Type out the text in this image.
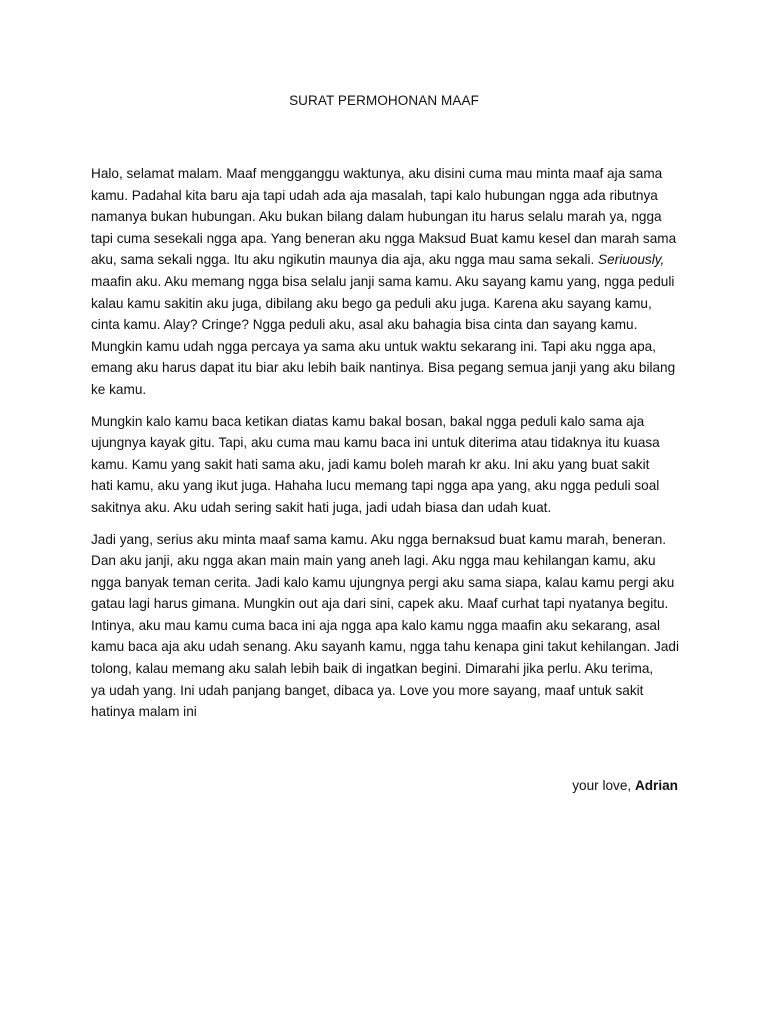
SURAT PERMOHONAN MAAF

Halo, selamat malam. Maaf mengganggu waktunya, aku disini cuma mau minta maaf aja sama
kamu. Padahal kita baru aja tapi udah ada aja masalah, tapi kalo hubungan ngga ada ributnya
namanya bukan hubungan. Aku bukan bilang dalam hubungan itu harus selalu marah ya, ngga
tapi cuma sesekali ngga apa. Yang beneran aku ngga Maksud Buat kamu kesel dan marah sama
aku, sama sekali ngga. Itu aku ngikutin maunya dia aja, aku ngga mau sama sekali. Seriuously,
maafin aku. Aku memang ngga bisa selalu janji sama kamu. Aku sayang kamu yang, ngga peduli
kalau kamu sakitin aku juga, dibilang aku bego ga peduli aku juga. Karena aku sayang kamu,
cinta kamu. Alay? Cringe? Ngga peduli aku, asal aku bahagia bisa cinta dan sayang kamu.
Mungkin kamu udah ngga percaya ya sama aku untuk waktu sekarang ini. Tapi aku ngga apa,
emang aku harus dapat itu biar aku lebih baik nantinya. Bisa pegang semua janji yang aku bilang
ke kamu.

Mungkin kalo kamu baca ketikan diatas kamu bakal bosan, bakal ngga peduli kalo sama aja
ujungnya kayak gitu. Tapi, aku cuma mau kamu baca ini untuk diterima atau tidaknya itu kuasa
kamu. Kamu yang sakit hati sama aku, jadi kamu boleh marah kr aku. Ini aku yang buat sakit
hati kamu, aku yang ikut juga. Hahaha lucu memang tapi ngga apa yang, aku ngga peduli soal
sakitnya aku. Aku udah sering sakit hati juga, jadi udah biasa dan udah kuat.

Jadi yang, serius aku minta maaf sama kamu. Aku ngga bernaksud buat kamu marah, beneran.
Dan aku janji, aku ngga akan main main yang aneh lagi. Aku ngga mau kehilangan kamu, aku
ngga banyak teman cerita. Jadi kalo kamu ujungnya pergi aku sama siapa, kalau kamu pergi aku
gatau lagi harus gimana. Mungkin out aja dari sini, capek aku. Maaf curhat tapi nyatanya begitu.
Intinya, aku mau kamu cuma baca ini aja ngga apa kalo kamu ngga maafin aku sekarang, asal
kamu baca aja aku udah senang. Aku sayanh kamu, ngga tahu kenapa gini takut kehilangan. Jadi
tolong, kalau memang aku salah lebih baik di ingatkan begini. Dimarahi jika perlu. Aku terima,
ya udah yang. Ini udah panjang banget, dibaca ya. Love you more sayang, maaf untuk sakit
hatinya malam ini

your love, Adrian
